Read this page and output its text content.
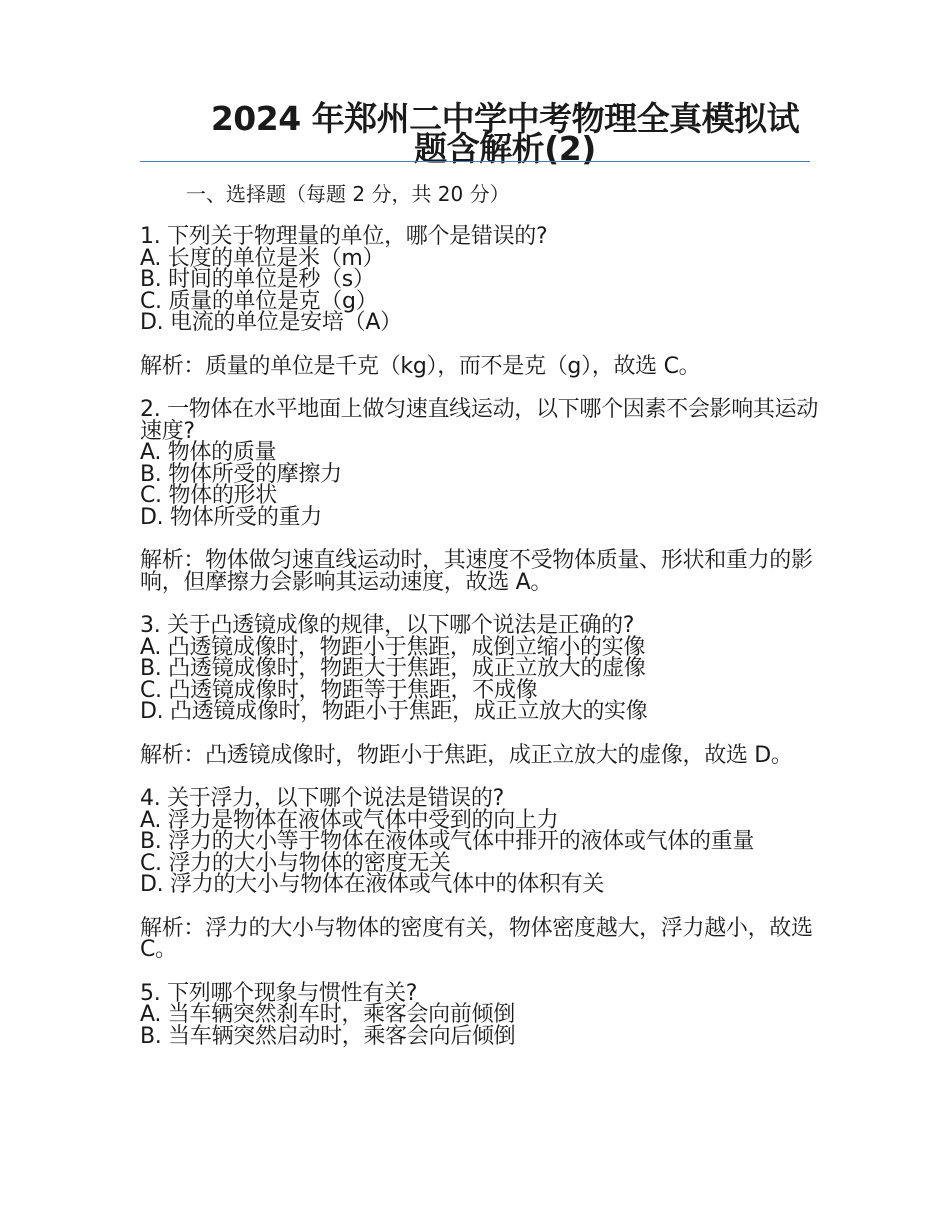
2024 年郑州二中学中考物理全真模拟试题含解析(2)
一、选择题（每题 2 分，共 20 分）
1. 下列关于物理量的单位，哪个是错误的?
A. 长度的单位是米（m）
B. 时间的单位是秒（s）
C. 质量的单位是克（g）
D. 电流的单位是安培（A）
解析：质量的单位是千克（kg），而不是克（g），故选 C。
2. 一物体在水平地面上做匀速直线运动，以下哪个因素不会影响其运动速度?
A. 物体的质量
B. 物体所受的摩擦力
C. 物体的形状
D. 物体所受的重力
解析：物体做匀速直线运动时，其速度不受物体质量、形状和重力的影响，但摩擦力会影响其运动速度，故选 A。
3. 关于凸透镜成像的规律，以下哪个说法是正确的?
A. 凸透镜成像时，物距小于焦距，成倒立缩小的实像
B. 凸透镜成像时，物距大于焦距，成正立放大的虚像
C. 凸透镜成像时，物距等于焦距，不成像
D. 凸透镜成像时，物距小于焦距，成正立放大的实像
解析：凸透镜成像时，物距小于焦距，成正立放大的虚像，故选 D。
4. 关于浮力，以下哪个说法是错误的?
A. 浮力是物体在液体或气体中受到的向上力
B. 浮力的大小等于物体在液体或气体中排开的液体或气体的重量
C. 浮力的大小与物体的密度无关
D. 浮力的大小与物体在液体或气体中的体积有关
解析：浮力的大小与物体的密度有关，物体密度越大，浮力越小，故选 C。
5. 下列哪个现象与惯性有关?
A. 当车辆突然刹车时，乘客会向前倾倒
B. 当车辆突然启动时，乘客会向后倾倒
